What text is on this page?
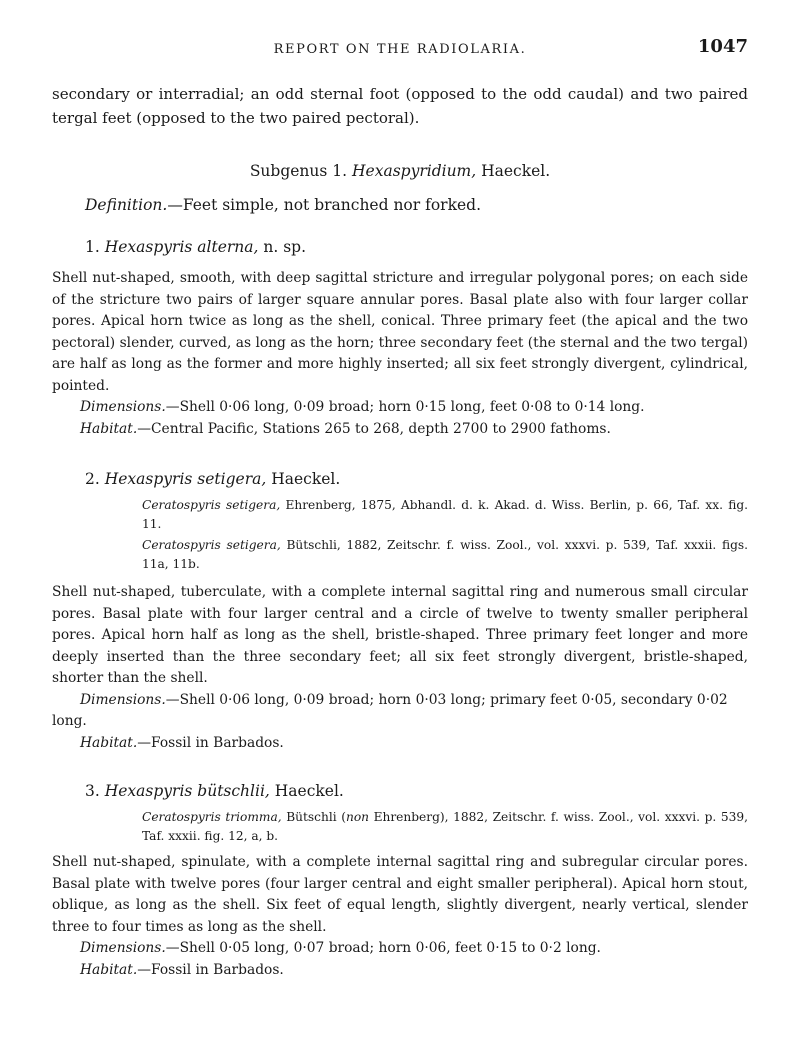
REPORT ON THE RADIOLARIA.	1047

secondary or interradial; an odd sternal foot (opposed to the odd caudal) and two paired tergal feet (opposed to the two paired pectoral).

Subgenus 1. Hexaspyridium, Haeckel.
Definition.—Feet simple, not branched nor forked.
1. Hexaspyris alterna, n. sp.

Shell nut-shaped, smooth, with deep sagittal stricture and irregular polygonal pores; on each side of the stricture two pairs of larger square annular pores. Basal plate also with four larger collar pores. Apical horn twice as long as the shell, conical. Three primary feet (the apical and the two pectoral) slender, curved, as long as the horn; three secondary feet (the sternal and the two tergal) are half as long as the former and more highly inserted; all six feet strongly divergent, cylindrical, pointed.

Dimensions.—Shell 0·06 long, 0·09 broad; horn 0·15 long, feet 0·08 to 0·14 long.

Habitat.—Central Pacific, Stations 265 to 268, depth 2700 to 2900 fathoms.

2. Hexaspyris setigera, Haeckel.

Ceratospyris setigera, Ehrenberg, 1875, Abhandl. d. k. Akad. d. Wiss. Berlin, p. 66, Taf. xx. fig. 11.

Ceratospyris setigera, Bütschli, 1882, Zeitschr. f. wiss. Zool., vol. xxxvi. p. 539, Taf. xxxii. figs. 11a, 11b.

Shell nut-shaped, tuberculate, with a complete internal sagittal ring and numerous small circular pores. Basal plate with four larger central and a circle of twelve to twenty smaller peripheral pores. Apical horn half as long as the shell, bristle-shaped. Three primary feet longer and more deeply inserted than the three secondary feet; all six feet strongly divergent, bristle-shaped, shorter than the shell.

Dimensions.—Shell 0·06 long, 0·09 broad; horn 0·03 long; primary feet 0·05, secondary 0·02 long.

Habitat.—Fossil in Barbados.

3. Hexaspyris bütschlii, Haeckel.

Ceratospyris triomma, Bütschli (non Ehrenberg), 1882, Zeitschr. f. wiss. Zool., vol. xxxvi. p. 539, Taf. xxxii. fig. 12, a, b.

Shell nut-shaped, spinulate, with a complete internal sagittal ring and subregular circular pores. Basal plate with twelve pores (four larger central and eight smaller peripheral). Apical horn stout, oblique, as long as the shell. Six feet of equal length, slightly divergent, nearly vertical, slender three to four times as long as the shell.

Dimensions.—Shell 0·05 long, 0·07 broad; horn 0·06, feet 0·15 to 0·2 long.

Habitat.—Fossil in Barbados.
